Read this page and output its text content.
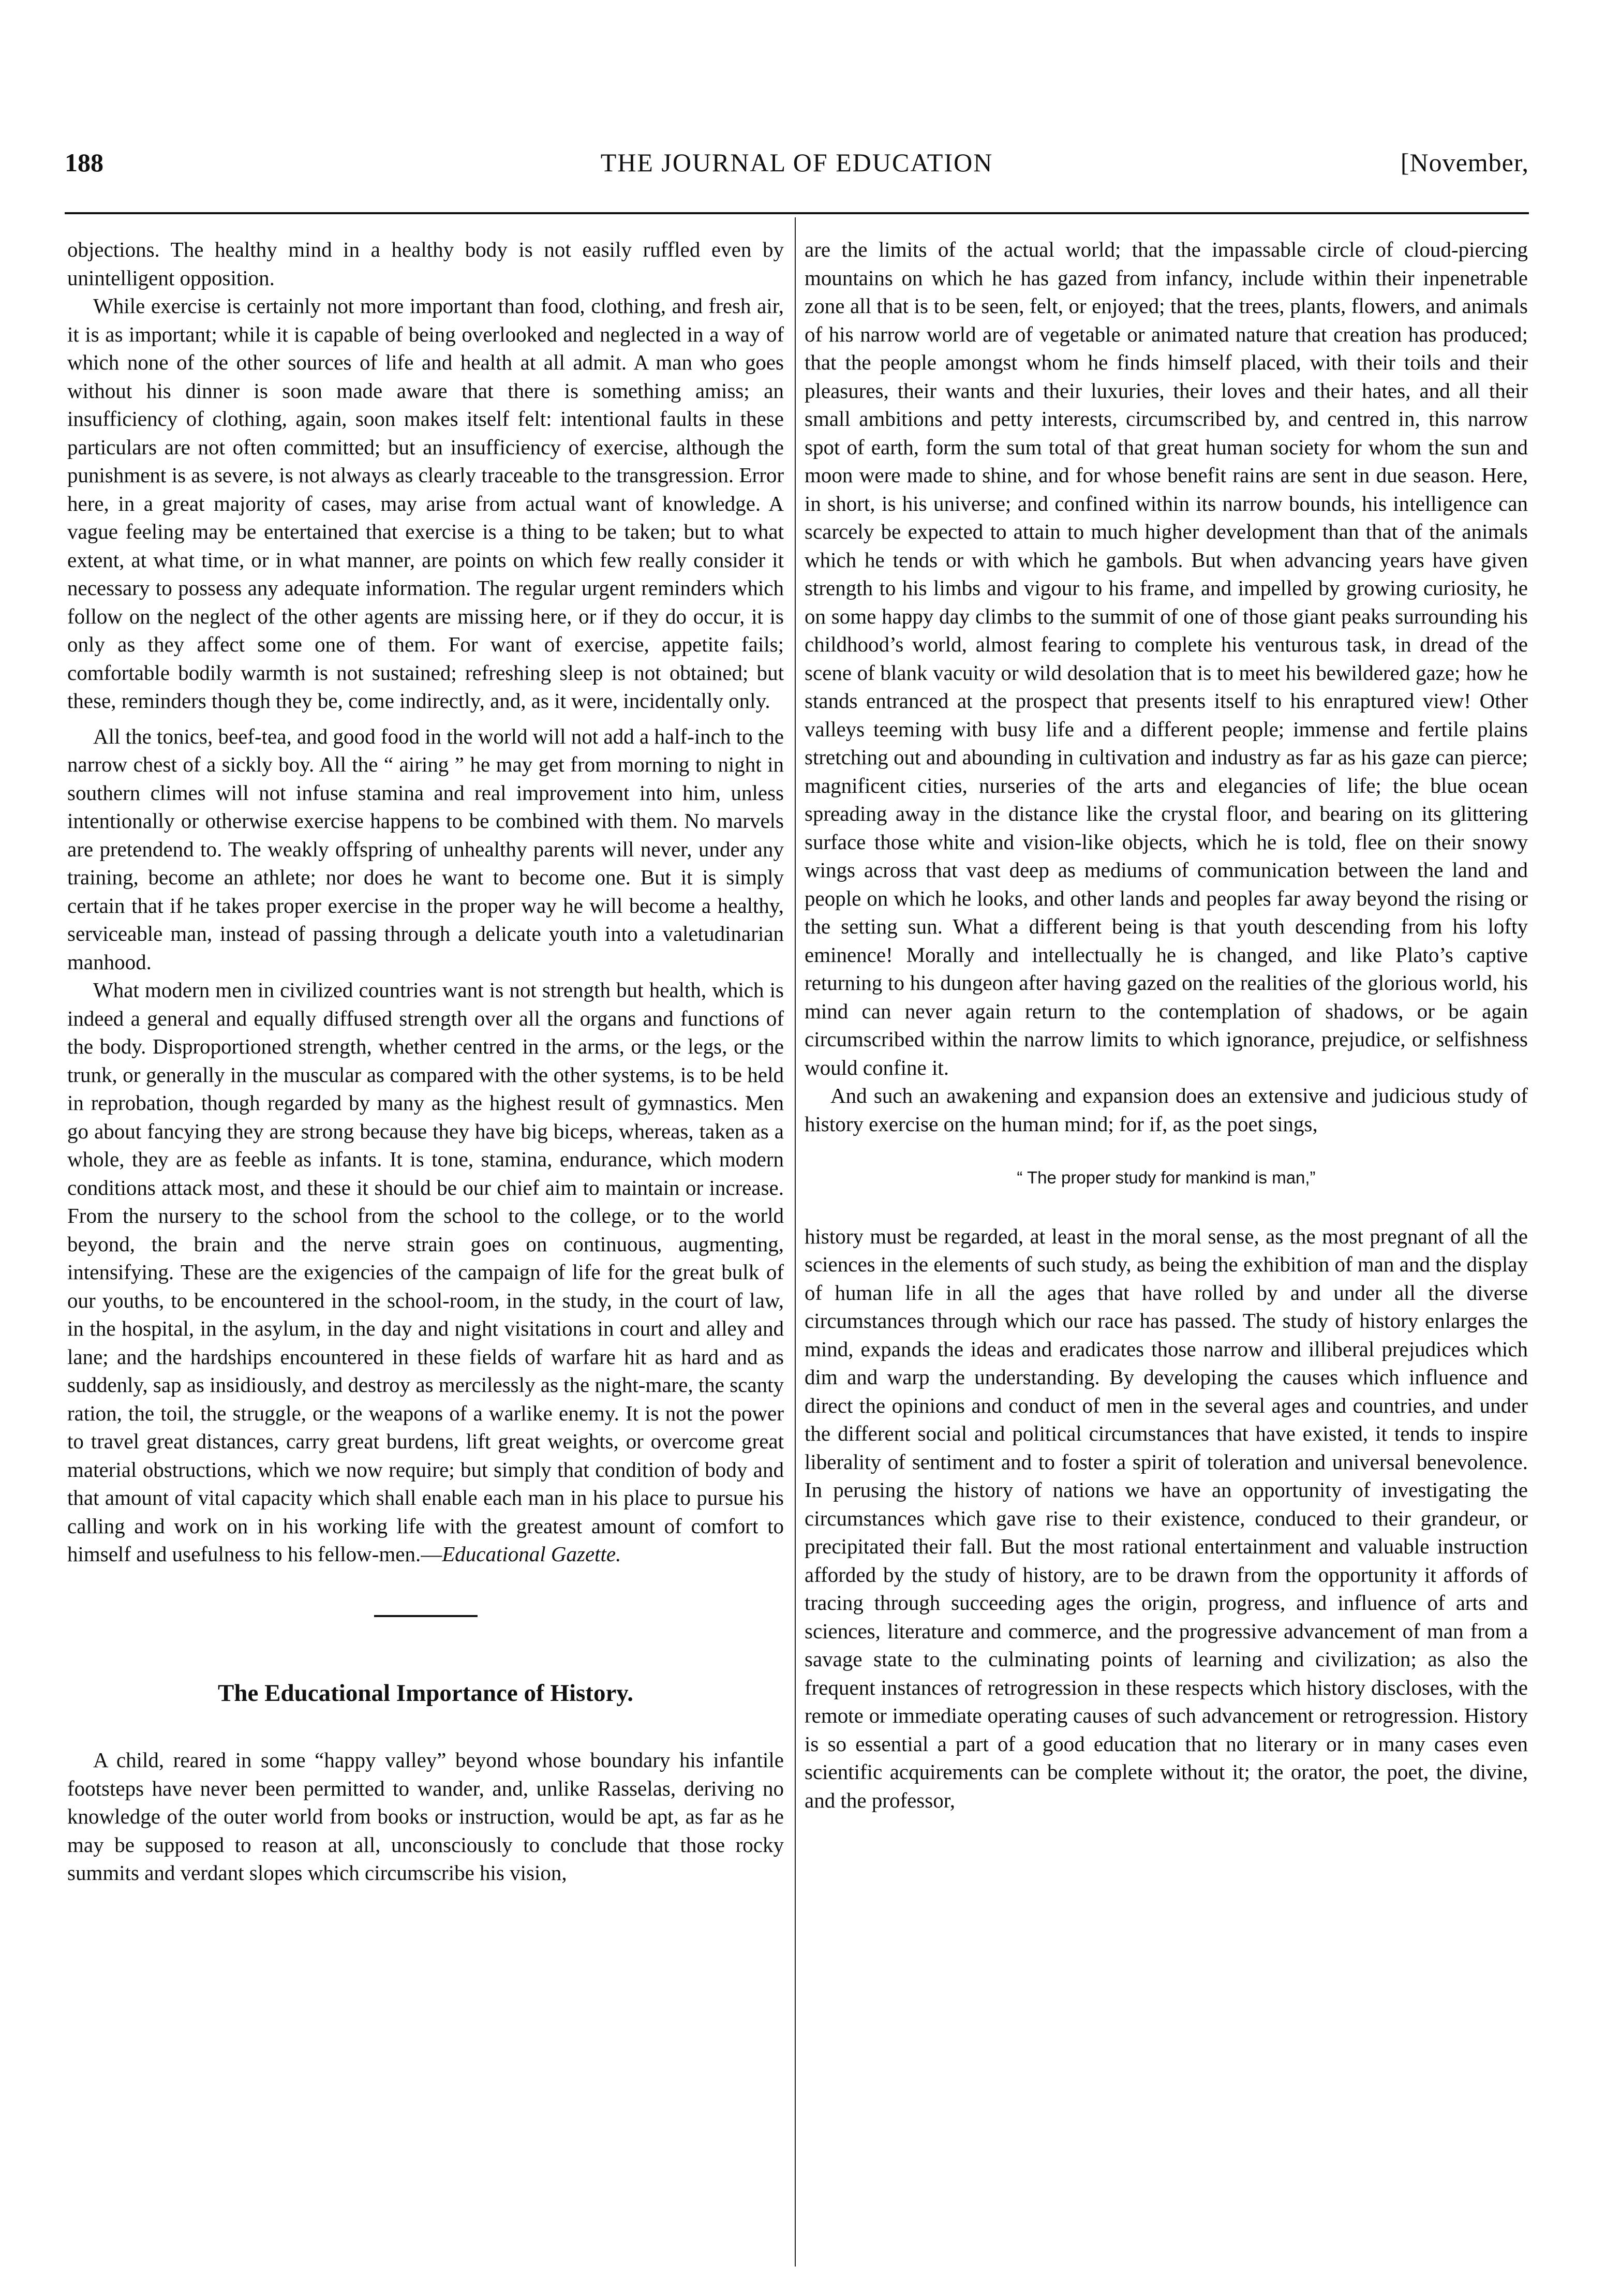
188	THE JOURNAL OF EDUCATION	[November,

objections. The healthy mind in a healthy body is not easily ruffled even by unintelligent opposition.

While exercise is certainly not more important than food, clothing, and fresh air, it is as important; while it is capable of being overlooked and neglected in a way of which none of the other sources of life and health at all admit. A man who goes without his dinner is soon made aware that there is something amiss; an insufficiency of clothing, again, soon makes itself felt: intentional faults in these particulars are not often committed; but an insufficiency of exercise, although the punishment is as severe, is not always as clearly traceable to the transgression. Error here, in a great majority of cases, may arise from actual want of knowledge. A vague feeling may be entertained that exercise is a thing to be taken; but to what extent, at what time, or in what manner, are points on which few really consider it necessary to possess any adequate information. The regular urgent reminders which follow on the neglect of the other agents are missing here, or if they do occur, it is only as they affect some one of them. For want of exercise, appetite fails; comfortable bodily warmth is not sustained; refreshing sleep is not obtained; but these, reminders though they be, come indirectly, and, as it were, incidentally only.

All the tonics, beef-tea, and good food in the world will not add a half-inch to the narrow chest of a sickly boy. All the “ airing ” he may get from morning to night in southern climes will not infuse stamina and real improvement into him, unless intentionally or otherwise exercise happens to be combined with them. No marvels are pretendend to. The weakly offspring of unhealthy parents will never, under any training, become an athlete; nor does he want to become one. But it is simply certain that if he takes proper exercise in the proper way he will become a healthy, serviceable man, instead of passing through a delicate youth into a valetudinarian manhood.

What modern men in civilized countries want is not strength but health, which is indeed a general and equally diffused strength over all the organs and functions of the body. Disproportioned strength, whether centred in the arms, or the legs, or the trunk, or generally in the muscular as compared with the other systems, is to be held in reprobation, though regarded by many as the highest result of gymnastics. Men go about fancying they are strong because they have big biceps, whereas, taken as a whole, they are as feeble as infants. It is tone, stamina, endurance, which modern conditions attack most, and these it should be our chief aim to maintain or increase. From the nursery to the school from the school to the college, or to the world beyond, the brain and the nerve strain goes on continuous, augmenting, intensifying. These are the exigencies of the campaign of life for the great bulk of our youths, to be encountered in the school-room, in the study, in the court of law, in the hospital, in the asylum, in the day and night visitations in court and alley and lane; and the hardships encountered in these fields of warfare hit as hard and as suddenly, sap as insidiously, and destroy as mercilessly as the night-mare, the scanty ration, the toil, the struggle, or the weapons of a warlike enemy. It is not the power to travel great distances, carry great burdens, lift great weights, or overcome great material obstructions, which we now require; but simply that condition of body and that amount of vital capacity which shall enable each man in his place to pursue his calling and work on in his working life with the greatest amount of comfort to himself and usefulness to his fellow-men.—Educational Gazette.

The Educational Importance of History.

A child, reared in some “happy valley” beyond whose boundary his infantile footsteps have never been permitted to wander, and, unlike Rasselas, deriving no knowledge of the outer world from books or instruction, would be apt, as far as he may be supposed to reason at all, unconsciously to conclude that those rocky summits and verdant slopes which circumscribe his vision,

are the limits of the actual world; that the impassable circle of cloud-piercing mountains on which he has gazed from infancy, include within their inpenetrable zone all that is to be seen, felt, or enjoyed; that the trees, plants, flowers, and animals of his narrow world are of vegetable or animated nature that creation has produced; that the people amongst whom he finds himself placed, with their toils and their pleasures, their wants and their luxuries, their loves and their hates, and all their small ambitions and petty interests, circumscribed by, and centred in, this narrow spot of earth, form the sum total of that great human society for whom the sun and moon were made to shine, and for whose benefit rains are sent in due season. Here, in short, is his universe; and confined within its narrow bounds, his intelligence can scarcely be expected to attain to much higher development than that of the animals which he tends or with which he gambols. But when advancing years have given strength to his limbs and vigour to his frame, and impelled by growing curiosity, he on some happy day climbs to the summit of one of those giant peaks surrounding his childhood’s world, almost fearing to complete his venturous task, in dread of the scene of blank vacuity or wild desolation that is to meet his bewildered gaze; how he stands entranced at the prospect that presents itself to his enraptured view! Other valleys teeming with busy life and a different people; immense and fertile plains stretching out and abounding in cultivation and industry as far as his gaze can pierce; magnificent cities, nurseries of the arts and elegancies of life; the blue ocean spreading away in the distance like the crystal floor, and bearing on its glittering surface those white and vision-like objects, which he is told, flee on their snowy wings across that vast deep as mediums of communication between the land and people on which he looks, and other lands and peoples far away beyond the rising or the setting sun. What a different being is that youth descending from his lofty eminence! Morally and intellectually he is changed, and like Plato’s captive returning to his dungeon after having gazed on the realities of the glorious world, his mind can never again return to the contemplation of shadows, or be again circumscribed within the narrow limits to which ignorance, prejudice, or selfishness would confine it.

And such an awakening and expansion does an extensive and judicious study of history exercise on the human mind; for if, as the poet sings,

“ The proper study for mankind is man,”

history must be regarded, at least in the moral sense, as the most pregnant of all the sciences in the elements of such study, as being the exhibition of man and the display of human life in all the ages that have rolled by and under all the diverse circumstances through which our race has passed. The study of history enlarges the mind, expands the ideas and eradicates those narrow and illiberal prejudices which dim and warp the understanding. By developing the causes which influence and direct the opinions and conduct of men in the several ages and countries, and under the different social and political circumstances that have existed, it tends to inspire liberality of sentiment and to foster a spirit of toleration and universal benevolence. In perusing the history of nations we have an opportunity of investigating the circumstances which gave rise to their existence, conduced to their grandeur, or precipitated their fall. But the most rational entertainment and valuable instruction afforded by the study of history, are to be drawn from the opportunity it affords of tracing through succeeding ages the origin, progress, and influence of arts and sciences, literature and commerce, and the progressive advancement of man from a savage state to the culminating points of learning and civilization; as also the frequent instances of retrogression in these respects which history discloses, with the remote or immediate operating causes of such advancement or retrogression. History is so essential a part of a good education that no literary or in many cases even scientific acquirements can be complete without it; the orator, the poet, the divine, and the professor,
